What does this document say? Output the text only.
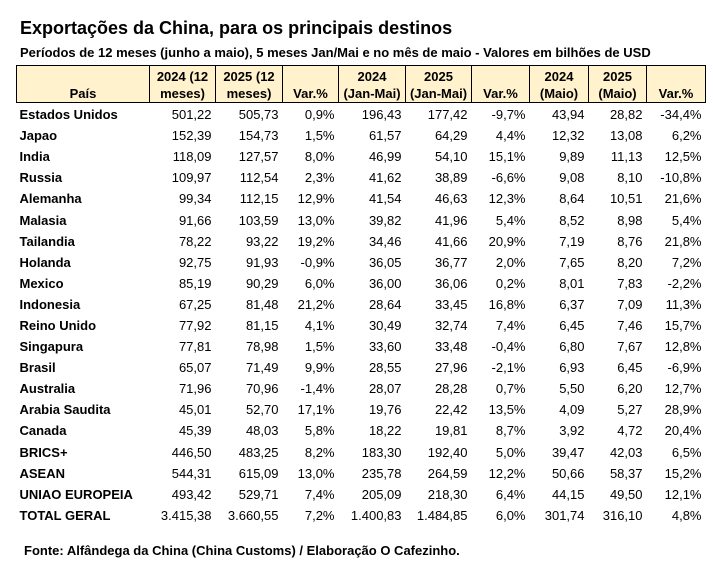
Exportações da China, para os principais destinos
Períodos de 12 meses (junho a maio), 5 meses Jan/Mai e no mês de maio - Valores em bilhões de USD
País	2024 (12 meses)	2025 (12 meses)	Var.%	2024 (Jan-Mai)	2025 (Jan-Mai)	Var.%	2024 (Maio)	2025 (Maio)	Var.%
Estados Unidos	501,22	505,73	0,9%	196,43	177,42	-9,7%	43,94	28,82	-34,4%
Japao	152,39	154,73	1,5%	61,57	64,29	4,4%	12,32	13,08	6,2%
India	118,09	127,57	8,0%	46,99	54,10	15,1%	9,89	11,13	12,5%
Russia	109,97	112,54	2,3%	41,62	38,89	-6,6%	9,08	8,10	-10,8%
Alemanha	99,34	112,15	12,9%	41,54	46,63	12,3%	8,64	10,51	21,6%
Malasia	91,66	103,59	13,0%	39,82	41,96	5,4%	8,52	8,98	5,4%
Tailandia	78,22	93,22	19,2%	34,46	41,66	20,9%	7,19	8,76	21,8%
Holanda	92,75	91,93	-0,9%	36,05	36,77	2,0%	7,65	8,20	7,2%
Mexico	85,19	90,29	6,0%	36,00	36,06	0,2%	8,01	7,83	-2,2%
Indonesia	67,25	81,48	21,2%	28,64	33,45	16,8%	6,37	7,09	11,3%
Reino Unido	77,92	81,15	4,1%	30,49	32,74	7,4%	6,45	7,46	15,7%
Singapura	77,81	78,98	1,5%	33,60	33,48	-0,4%	6,80	7,67	12,8%
Brasil	65,07	71,49	9,9%	28,55	27,96	-2,1%	6,93	6,45	-6,9%
Australia	71,96	70,96	-1,4%	28,07	28,28	0,7%	5,50	6,20	12,7%
Arabia Saudita	45,01	52,70	17,1%	19,76	22,42	13,5%	4,09	5,27	28,9%
Canada	45,39	48,03	5,8%	18,22	19,81	8,7%	3,92	4,72	20,4%
BRICS+	446,50	483,25	8,2%	183,30	192,40	5,0%	39,47	42,03	6,5%
ASEAN	544,31	615,09	13,0%	235,78	264,59	12,2%	50,66	58,37	15,2%
UNIAO EUROPEIA	493,42	529,71	7,4%	205,09	218,30	6,4%	44,15	49,50	12,1%
TOTAL GERAL	3.415,38	3.660,55	7,2%	1.400,83	1.484,85	6,0%	301,74	316,10	4,8%
Fonte: Alfândega da China (China Customs) / Elaboração O Cafezinho.
